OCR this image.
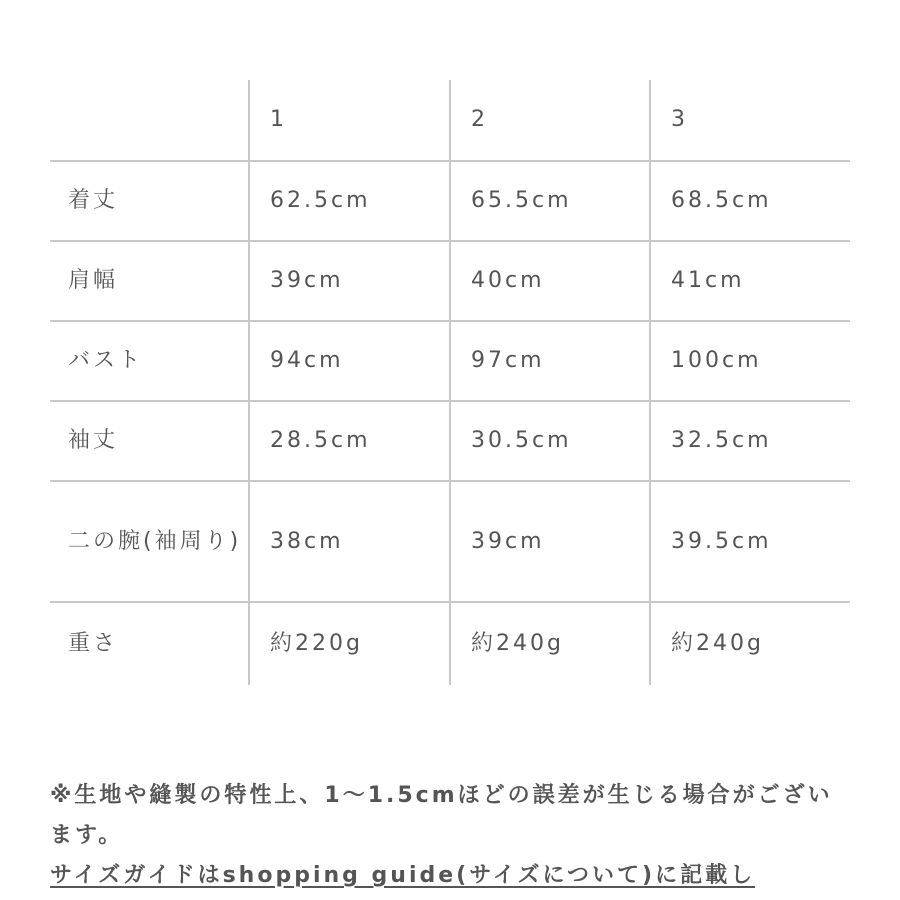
	1	2	3
着丈	62.5cm	65.5cm	68.5cm
肩幅	39cm	40cm	41cm
バスト	94cm	97cm	100cm
袖丈	28.5cm	30.5cm	32.5cm
二の腕(袖周り)	38cm	39cm	39.5cm
重さ	約220g	約240g	約240g

※生地や縫製の特性上、1〜1.5cmほどの誤差が生じる場合がございます。

サイズガイドはshopping guide(サイズについて)に記載し
